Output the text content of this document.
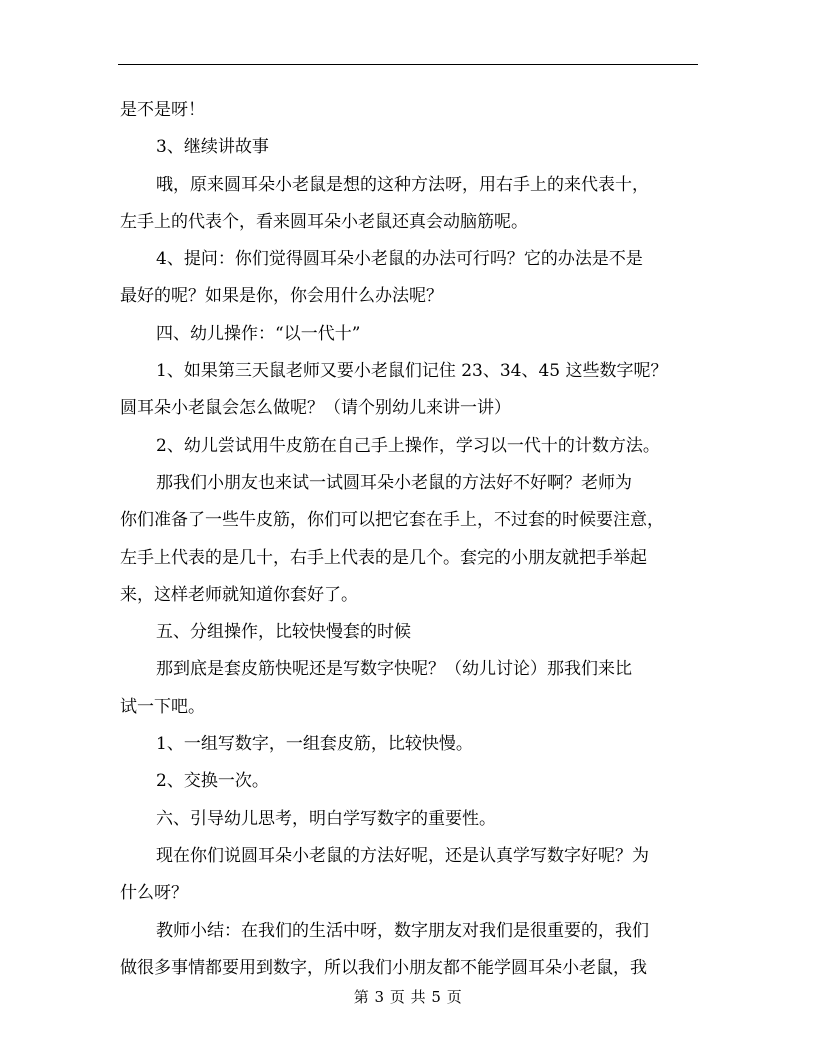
是不是呀！

3、继续讲故事

哦，原来圆耳朵小老鼠是想的这种方法呀，用右手上的来代表十，

左手上的代表个，看来圆耳朵小老鼠还真会动脑筋呢。

4、提问：你们觉得圆耳朵小老鼠的办法可行吗？它的办法是不是

最好的呢？如果是你，你会用什么办法呢？

四、幼儿操作：“以一代十”

1、如果第三天鼠老师又要小老鼠们记住 23、34、45 这些数字呢？

圆耳朵小老鼠会怎么做呢？（请个别幼儿来讲一讲）

2、幼儿尝试用牛皮筋在自己手上操作，学习以一代十的计数方法。

那我们小朋友也来试一试圆耳朵小老鼠的方法好不好啊？老师为

你们准备了一些牛皮筋，你们可以把它套在手上，不过套的时候要注意，

左手上代表的是几十，右手上代表的是几个。套完的小朋友就把手举起

来，这样老师就知道你套好了。

五、分组操作，比较快慢套的时候

那到底是套皮筋快呢还是写数字快呢？（幼儿讨论）那我们来比

试一下吧。

1、一组写数字，一组套皮筋，比较快慢。

2、交换一次。

六、引导幼儿思考，明白学写数字的重要性。

现在你们说圆耳朵小老鼠的方法好呢，还是认真学写数字好呢？为

什么呀？

教师小结：在我们的生活中呀，数字朋友对我们是很重要的，我们

做很多事情都要用到数字，所以我们小朋友都不能学圆耳朵小老鼠，我

第 3 页 共 5 页
